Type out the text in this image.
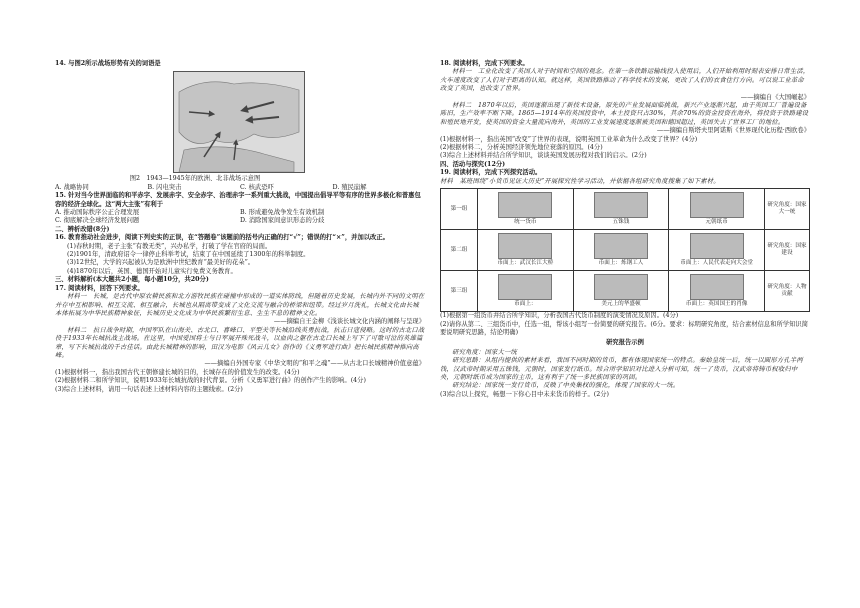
14. 与图2所示战场形势有关的词语是

图2　1943—1945年的欧洲、北非战场示意图

A. 战略协同	B. 闪电突击	C. 核武恐吓	D. 殖民崩解

15. 针对当今世界面临的和平赤字、发展赤字、安全赤字、治理赤字一系列重大挑战，中国提出倡导平等有序的世界多极化和普惠包容的经济全球化。这“两大主张”有利于

A. 推动国际秩序公正合理发展	B. 形成避免战争发生有效机制
C. 彻底解决全球经济发展问题	D. 消除国家间意识形态的分歧

二、辨析改错(8分)

16. 教育推动社会进步，阅读下列史实的正误，在“答题卷”该题前的括号内正确的打“√”；错误的打“×”，并加以改正。

(1)春秋时期，老子主张“有教无类”，兴办私学，打破了学在官府的局面。

(2)1901年，清政府诏令一律停止科举考试，结束了在中国延续了1300年的科举制度。

(3)12世纪，大学的兴起被认为是欧洲中世纪教育“最美好的花朵”。

(4)1870年以后，英国、德国开始对儿童实行免费义务教育。

三、材料解析(本大题共2小题，每小题10分，共20分)

17. 阅读材料，回答下列要求。

材料一　长城，是古代中原农耕民族和北方游牧民族在碰撞中形成的一道实体防线，但随着历史发展，长城内外不同的文明在并存中互相影响、相互交流、相互融合，长城也从隔离带变成了文化交流与融合的桥梁和纽带。经过岁月洗礼，长城文化由长城本体拓展为中华民族精神象征，长城历史文化成为中华民族繁衍生息、生生不息的精神文化。

——摘编自王金柳《浅谈长城文化内涵的阐释与呈现》

材料二　抗日战争时期，中国军队在山海关、古北口、喜峰口、平型关等长城沿线英勇抗战，抗击日寇侵略。这时的古北口战役于1933年长城抗战主战场。在这里，中国爱国将士与日军展开殊死战斗，以血肉之躯在古北口长城上写下了可歌可泣的英雄篇章，写下长城抗战的千古佳话。由此长城精神的影响，田汉为电影《风云儿女》创作的《义勇军进行曲》把长城民族精神推向高峰。

——摘编自外国专家《中华文明的“和平之魂”——从古北口长城精神价值意蕴》

(1)根据材料一，指出我国古代王朝修建长城的目的，长城存在的价值发生的改变。(4分)

(2)根据材料二和所学知识，说明1933年长城抗战的时代背景。分析《义勇军进行曲》的创作产生的影响。(4分)

(3)综合上述材料，请用一句话表述上述材料内容的主题线索。(2分)

18. 阅读材料，完成下列要求。

材料一　工业化改变了英国人对于时间和空间的观念。在第一条铁路运输线投入使用后，人们开始利用时刻表安排日常生活，火车速度改变了人们对于距离的认知。就这样，英国铁路推动了科学技术的发展，更改了人们的衣食住行方向。可以说工业革命改变了英国，也改变了世界。

——摘编自《大国崛起》

材料二　1870年以后，英国逐渐出现了新技术设备，原先的产业发展面临挑战，新兴产业逐渐兴起，由于英国工厂普遍设备陈旧，生产效率不断下降。1865—1914年的英国投资中，本土投资只占30%，其余70%的资金投资在海外，将投资于铁路建设和殖民地开发，使英国的资金大量流向海外，英国的工业发展速度逐渐被美国和德国超过，英国失去了世界工厂的地位。

——摘编自斯塔夫里阿诺斯《世界现代化历程·西欧卷》

(1)根据材料一，指出英国“改变”了世界的表现，说明英国工业革命为什么改变了世界？(4分)

(2)根据材料二，分析英国经济领先地位衰落的原因。(4分)

(3)综合上述材料并结合所学知识，谈谈英国发展历程对我们的启示。(2分)

四、活动与探究(12分)

19. 阅读材料，完成下列探究活动。

材料　某班围绕“小货币见证大历史”开展探究性学习活动，并依据各组研究角度搜集了如下素材。

第一组	统一货币	五铢钱	元朝纸币	研究角度：国家大一统
第二组	币面上：武汉长江大桥	币面上：炼钢工人	币面上：人民代表走向大会堂	研究角度：国家建设
第三组	币面上：	美元上的华盛顿	币面上：英国国王的肖像	研究角度：人物贡献

(1)根据第一组货币并结合所学知识，分析我国古代货币制度的演变情况及原因。(4分)

(2)请你从第二、三组货币中，任选一组，帮该小组写一份简要的研究报告。(6分。要求：标明研究角度，结合素材信息和所学知识简要说明研究思路，结论明确)

研究报告示例

研究角度：国家大一统

研究思路：从组内提供的素材来看，我国不同时期的货币，都有体现国家统一的特点。秦始皇统一后，统一以圆形方孔半两钱，汉武帝时期采用五铢钱，元朝时，国家发行纸币。综合所学知识对比进入分析可知，统一了货币，汉武帝将铸币权收归中央，元朝时纸币成为国家的主币，这有利于了统一多民族国家的巩固。

研究结论：国家统一发行货币，反映了中央集权的强化，体现了国家的大一统。

(3)综合以上探究，畅想一下你心目中未来货币的样子。(2分)
